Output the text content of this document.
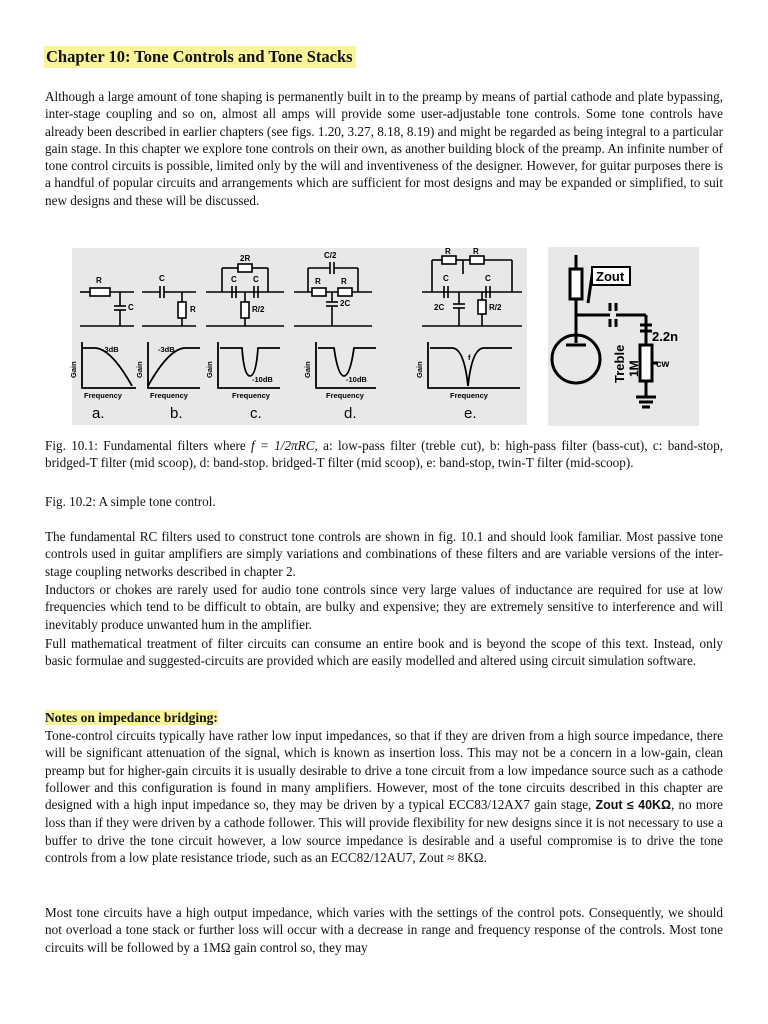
Chapter 10: Tone Controls and Tone Stacks

Although a large amount of tone shaping is permanently built in to the preamp by means of partial cathode and plate bypassing, inter-stage coupling and so on, almost all amps will provide some user-adjustable tone controls. Some tone controls have already been described in earlier chapters (see figs. 1.20, 3.27, 8.18, 8.19) and might be regarded as being integral to a particular gain stage. In this chapter we explore tone controls on their own, as another building block of the preamp. An infinite number of tone control circuits is possible, limited only by the will and inventiveness of the designer. However, for guitar purposes there is a handful of popular circuits and arrangements which are sufficient for most designs and may be expanded or simplified, to suit new designs and these will be discussed.

R
C
C
R
2R
C C
R/2
C/2
R	R
2C
R	R
C	C
2C	R/2
-3dB	-3dB
-10dB	-10dB
f
Frequency	Frequency	Frequency	Frequency	Frequency
Gain	Gain	Gain	Gain	Gain
a.	b.	c.	d.	e.
Zout
2.2n
Treble 1M cw
Fig. 10.1: Fundamental filters where f = 1/2πRC, a: low-pass filter (treble cut), b: high-pass filter (bass-cut), c: band-stop, bridged-T filter (mid scoop), d: band-stop. bridged-T filter (mid scoop), e: band-stop, twin-T filter (mid-scoop).
Fig. 10.2: A simple tone control.

The fundamental RC filters used to construct tone controls are shown in fig. 10.1 and should look familiar. Most passive tone controls used in guitar amplifiers are simply variations and combinations of these filters and are variable versions of the inter-stage coupling networks described in chapter 2.

Inductors or chokes are rarely used for audio tone controls since very large values of inductance are required for use at low frequencies which tend to be difficult to obtain, are bulky and expensive; they are extremely sensitive to interference and will inevitably produce unwanted hum in the amplifier.

Full mathematical treatment of filter circuits can consume an entire book and is beyond the scope of this text. Instead, only basic formulae and suggested-circuits are provided which are easily modelled and altered using circuit simulation software.

Notes on impedance bridging:

Tone-control circuits typically have rather low input impedances, so that if they are driven from a high source impedance, there will be significant attenuation of the signal, which is known as insertion loss. This may not be a concern in a low-gain, clean preamp but for higher-gain circuits it is usually desirable to drive a tone circuit from a low impedance source such as a cathode follower and this configuration is found in many amplifiers. However, most of the tone circuits described in this chapter are designed with a high input impedance so, they may be driven by a typical ECC83/12AX7 gain stage, Zout ≤ 40KΩ, no more loss than if they were driven by a cathode follower. This will provide flexibility for new designs since it is not necessary to use a buffer to drive the tone circuit however, a low source impedance is desirable and a useful compromise is to drive the tone controls from a low plate resistance triode, such as an ECC82/12AU7, Zout ≈ 8KΩ.

Most tone circuits have a high output impedance, which varies with the settings of the control pots. Consequently, we should not overload a tone stack or further loss will occur with a decrease in range and frequency response of the controls. Most tone circuits will be followed by a 1MΩ gain control so, they may
